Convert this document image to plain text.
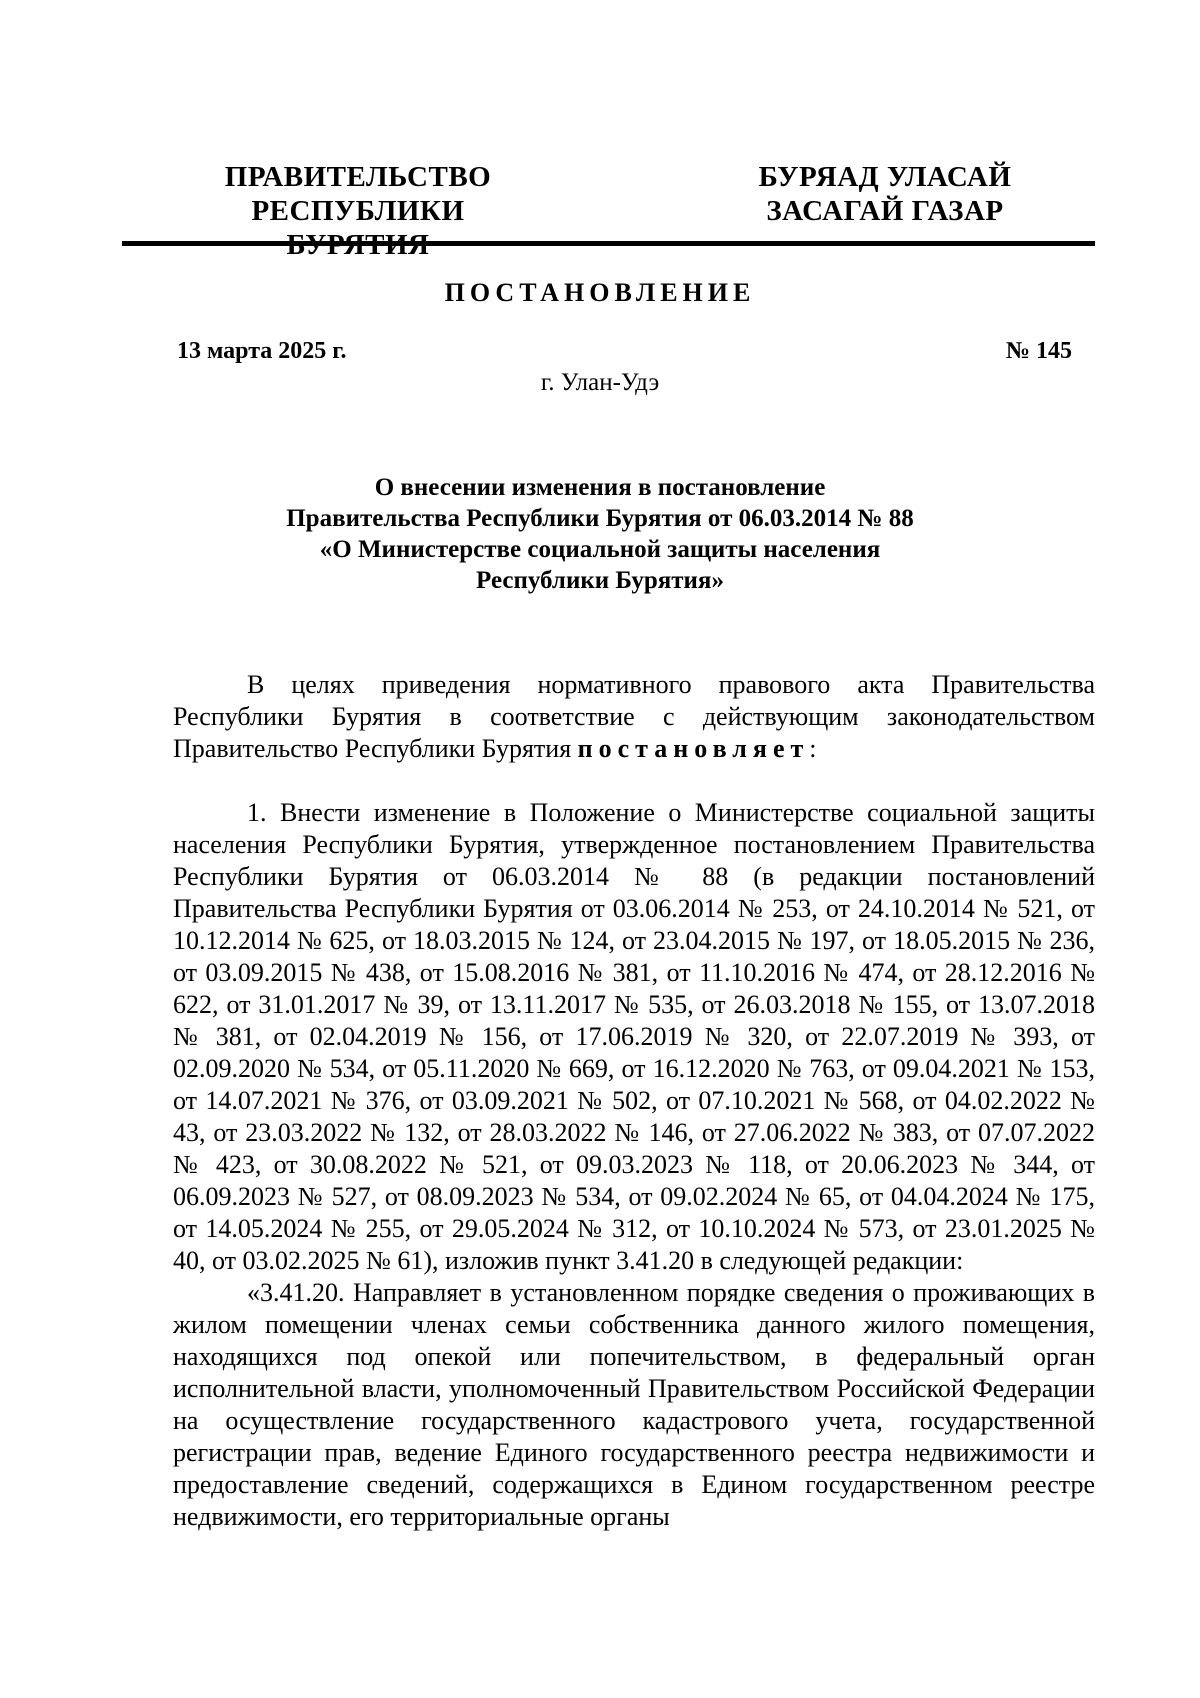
ПРАВИТЕЛЬСТВО
РЕСПУБЛИКИ
БУРЯАД УЛАСАЙ
ЗАСАГАЙ ГАЗАР
ПОСТАНОВЛЕНИЕ
13 марта 2025 г.	№ 145
г. Улан-Удэ
О внесении изменения в постановление
Правительства Республики Бурятия от 06.03.2014 № 88
«О Министерстве социальной защиты населения
Республики Бурятия»

В целях приведения нормативного правового акта Правительства Республики Бурятия в соответствие с действующим законодательством Правительство Республики Бурятия постановляет:

1. Внести изменение в Положение о Министерстве социальной защиты населения Республики Бурятия, утвержденное постановлением Правительства Республики Бурятия от 06.03.2014 № 88 (в редакции постановлений Правительства Республики Бурятия от 03.06.2014 № 253, от 24.10.2014 № 521, от 10.12.2014 № 625, от 18.03.2015 № 124, от 23.04.2015 № 197, от 18.05.2015 № 236, от 03.09.2015 № 438, от 15.08.2016 № 381, от 11.10.2016 № 474, от 28.12.2016 № 622, от 31.01.2017 № 39, от 13.11.2017 № 535, от 26.03.2018 № 155, от 13.07.2018 № 381, от 02.04.2019 № 156, от 17.06.2019 № 320, от 22.07.2019 № 393, от 02.09.2020 № 534, от 05.11.2020 № 669, от 16.12.2020 № 763, от 09.04.2021 № 153, от 14.07.2021 № 376, от 03.09.2021 № 502, от 07.10.2021 № 568, от 04.02.2022 № 43, от 23.03.2022 № 132, от 28.03.2022 № 146, от 27.06.2022 № 383, от 07.07.2022 № 423, от 30.08.2022 № 521, от 09.03.2023 № 118, от 20.06.2023 № 344, от 06.09.2023 № 527, от 08.09.2023 № 534, от 09.02.2024 № 65, от 04.04.2024 № 175, от 14.05.2024 № 255, от 29.05.2024 № 312, от 10.10.2024 № 573, от 23.01.2025 № 40, от 03.02.2025 № 61), изложив пункт 3.41.20 в следующей редакции:

«3.41.20. Направляет в установленном порядке сведения о проживающих в жилом помещении членах семьи собственника данного жилого помещения, находящихся под опекой или попечительством, в федеральный орган исполнительной власти, уполномоченный Правительством Российской Федерации на осуществление государственного кадастрового учета, государственной регистрации прав, ведение Единого государственного реестра недвижимости и предоставление сведений, содержащихся в Едином государственном реестре недвижимости, его территориальные органы
